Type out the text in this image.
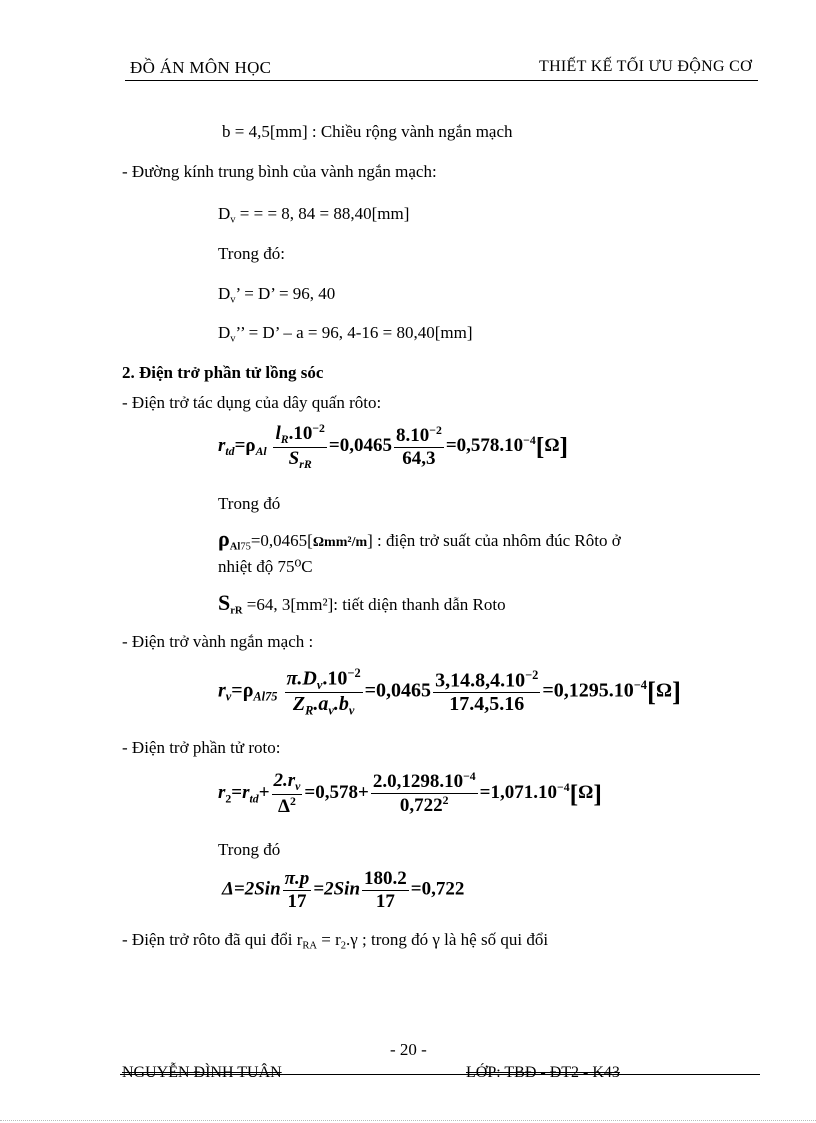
ĐỒ ÁN MÔN HỌC	THIẾT KẾ TỐI ƯU ĐỘNG CƠ
b = 4,5[mm] : Chiều rộng vành ngắn mạch
- Đường kính trung bình của vành ngắn mạch:
$D_v$ = = = 8, 84 = 88,40[mm]
Trong đó:
$D_v$’ = D’ = 96, 40
$D_v$’’ = D’ – a = 96, 4-16 = 80,40[mm]
2. Điện trở phần tử lồng sóc
- Điện trở tác dụng của dây quấn rôto:
$r_{td}=\rho_{Al} \frac{l_R.10^{-2}}{S_{rR}} =0,0465 \frac{8.10^{-2}}{64,3} =0,578.10^{-4}[\Omega]$
Trong đó
$\rho_{Al75}=0,0465[\Omega mm^2/m]$ : điện trở suất của nhôm đúc Rôto ở
nhiệt độ 75⁰C
$S_{rR} =64$, 3[mm²]: tiết diện thanh dẫn Roto
- Điện trở vành ngắn mạch :
$r_v=\rho_{Al75} \frac{\pi.D_v.10^{-2}}{Z_R.a_v.b_v} =0,0465 \frac{3,14.8,4.10^{-2}}{17.4,5.16} =0,1295.10^{-4}[\Omega]$
- Điện trở phần tử roto:
$r_2=r_{td}+ \frac{2.r_v}{\Delta^2} =0,578+ \frac{2.0,1298.10^{-4}}{0,722^2} =1,071.10^{-4}[\Omega]$
Trong đó
$\Delta=2Sin \frac{\pi.p}{17} =2Sin \frac{180.2}{17} =0,722$
- Điện trở rôto đã qui đổi $r_{RA} = r_2.\gamma$ ; trong đó γ là hệ số qui đổi
- 20 -
NGUYỄN ĐÌNH TUÂN	LỚP: TBĐ - ĐT2 - K43
